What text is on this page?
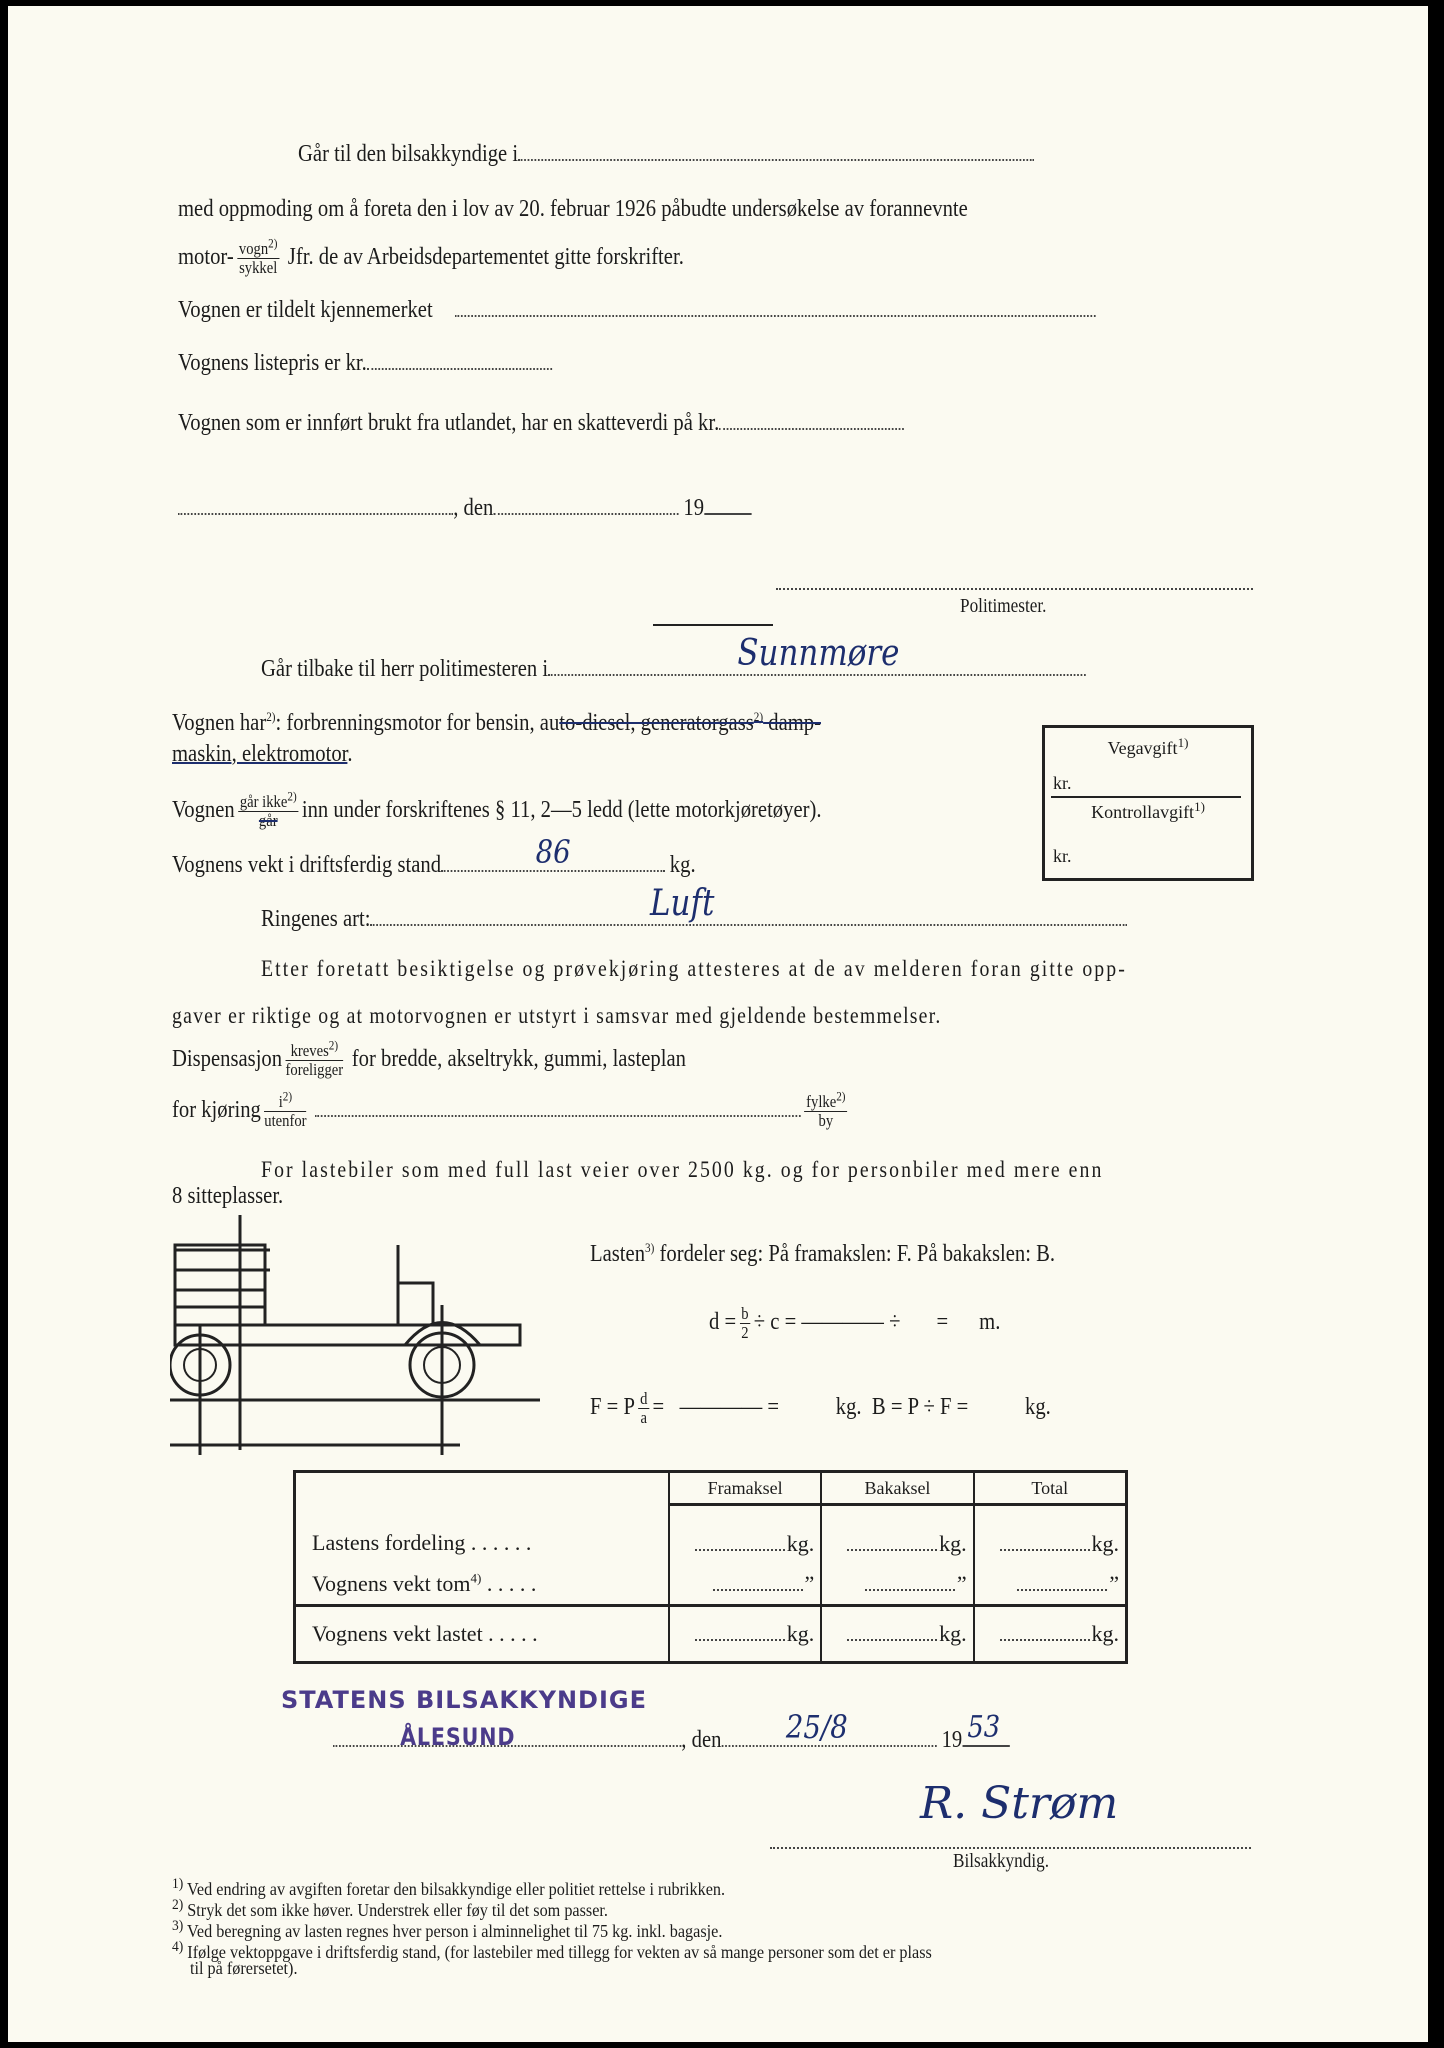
Går til den bilsakkyndige i
med oppmoding om å foreta den i lov av 20. februar 1926 påbudte undersøkelse av forannevnte
motor- $\frac{vogn^{2)}}{\text{sykkel}}$ Jfr. de av Arbeidsdepartementet gitte forskrifter.
Vognen er tildelt kjennemerket
Vognens listepris er kr.
Vognen som er innført brukt fra utlandet, har en skatteverdi på kr.
, den	19
Politimester.
Går tilbake til herr politimesteren i	Sunnmøre
Vognen har$^{2)}$: forbrenningsmotor for bensin, auto-diesel, generatorgass$^{2)}$ damp-
maskin, elektromotor.	Vegavgift$^{1)}$
kr.
Kontrollavgift$^{1)}$
kr.
Vognen $\frac{går ikke^{2)}}{\text{går}}$ inn under forskriftenes § 11, 2—5 ledd (lette motorkjøretøyer).
Vognens vekt i driftsferdig stand	86	kg.
Ringenes art:	Luft
Etter foretatt besiktigelse og prøvekjøring attesteres at de av melderen foran gitte opp-
gaver er riktige og at motorvognen er utstyrt i samsvar med gjeldende bestemmelser.
Dispensasjon $\frac{kreves^{2)}}{\text{foreligger}}$ for bredde, akseltrykk, gummi, lasteplan
for kjøring $\frac{i^{2)}}{\text{utenfor}}$
	$\frac{fylke^{2)}}{by}$
For lastebiler som med full last veier over 2500 kg. og for personbiler med mere enn
8 sitteplasser.
Lasten$^{3)}$ fordeler seg: På framakslen: F. På bakakslen: B.
$d = \frac{b}{2} \div c$ = ———— ÷       =      m.
F = P $\frac{d}{a}$ =   ———— =           kg.  B = P ÷ F =           kg.
	Framaksel	Bakaksel	Total
Lastens fordeling . . . . . .	kg.	kg.	kg.
Vognens vekt tom$^{4)}$ . . . . .	”	”	”
Vognens vekt lastet . . . . .	kg.	kg.	kg.
STATENS BILSAKKYNDIGE
ÅLESUND	, den 25/8	19 53
R. Strøm
Bilsakkyndig.
$^{1)}$ Ved endring av avgiften foretar den bilsakkyndige eller politiet rettelse i rubrikken.
$^{2)}$ Stryk det som ikke høver. Understrek eller føy til det som passer.
$^{3)}$ Ved beregning av lasten regnes hver person i alminnelighet til 75 kg. inkl. bagasje.
$^{4)}$ Ifølge vektoppgave i driftsferdig stand, (for lastebiler med tillegg for vekten av så mange personer som det er plass
til på førersetet).
